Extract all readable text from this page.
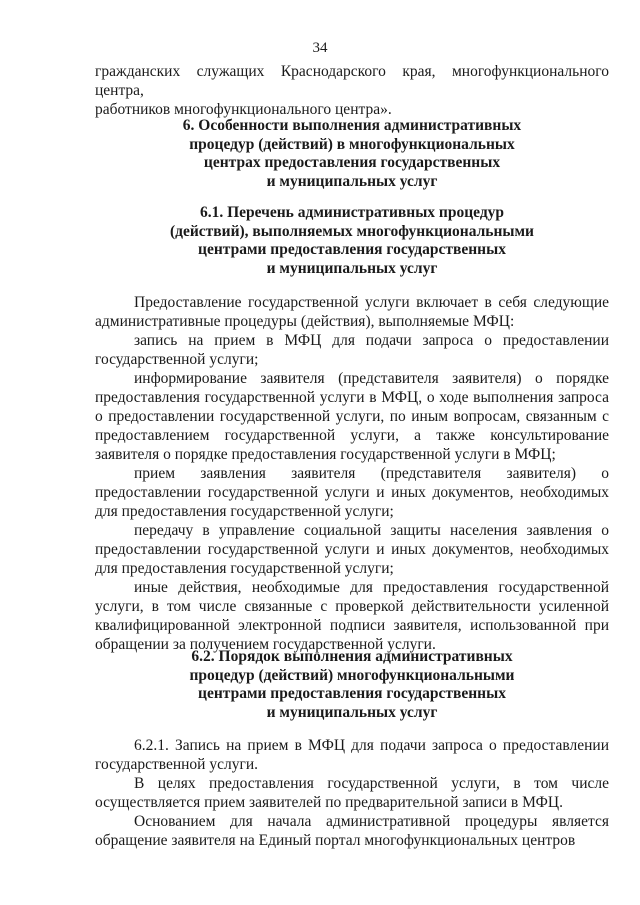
34

гражданских служащих Краснодарского края, многофункционального центра,

работников многофункционального центра».

6. Особенности выполнения административных

процедур (действий) в многофункциональных

центрах предоставления государственных

и муниципальных услуг

6.1. Перечень административных процедур

(действий), выполняемых многофункциональными

центрами предоставления государственных

и муниципальных услуг

Предоставление государственной услуги включает в себя следующие административные процедуры (действия), выполняемые МФЦ:

запись на прием в МФЦ для подачи запроса о предоставлении государственной услуги;

информирование заявителя (представителя заявителя) о порядке предоставления государственной услуги в МФЦ, о ходе выполнения запроса о предоставлении государственной услуги, по иным вопросам, связанным с предоставлением государственной услуги, а также консультирование заявителя о порядке предоставления государственной услуги в МФЦ;

прием заявления заявителя (представителя заявителя) о предоставлении государственной услуги и иных документов, необходимых для предоставления государственной услуги;

передачу в управление социальной защиты населения заявления о предоставлении государственной услуги и иных документов, необходимых для предоставления государственной услуги;

иные действия, необходимые для предоставления государственной услуги, в том числе связанные с проверкой действительности усиленной квалифицированной электронной подписи заявителя, использованной при обращении за получением государственной услуги.

6.2. Порядок выполнения административных

процедур (действий) многофункциональными

центрами предоставления государственных

и муниципальных услуг

6.2.1. Запись на прием в МФЦ для подачи запроса о предоставлении государственной услуги.

В целях предоставления государственной услуги, в том числе осуществляется прием заявителей по предварительной записи в МФЦ.

Основанием для начала административной процедуры является обращение заявителя на Единый портал многофункциональных центров
